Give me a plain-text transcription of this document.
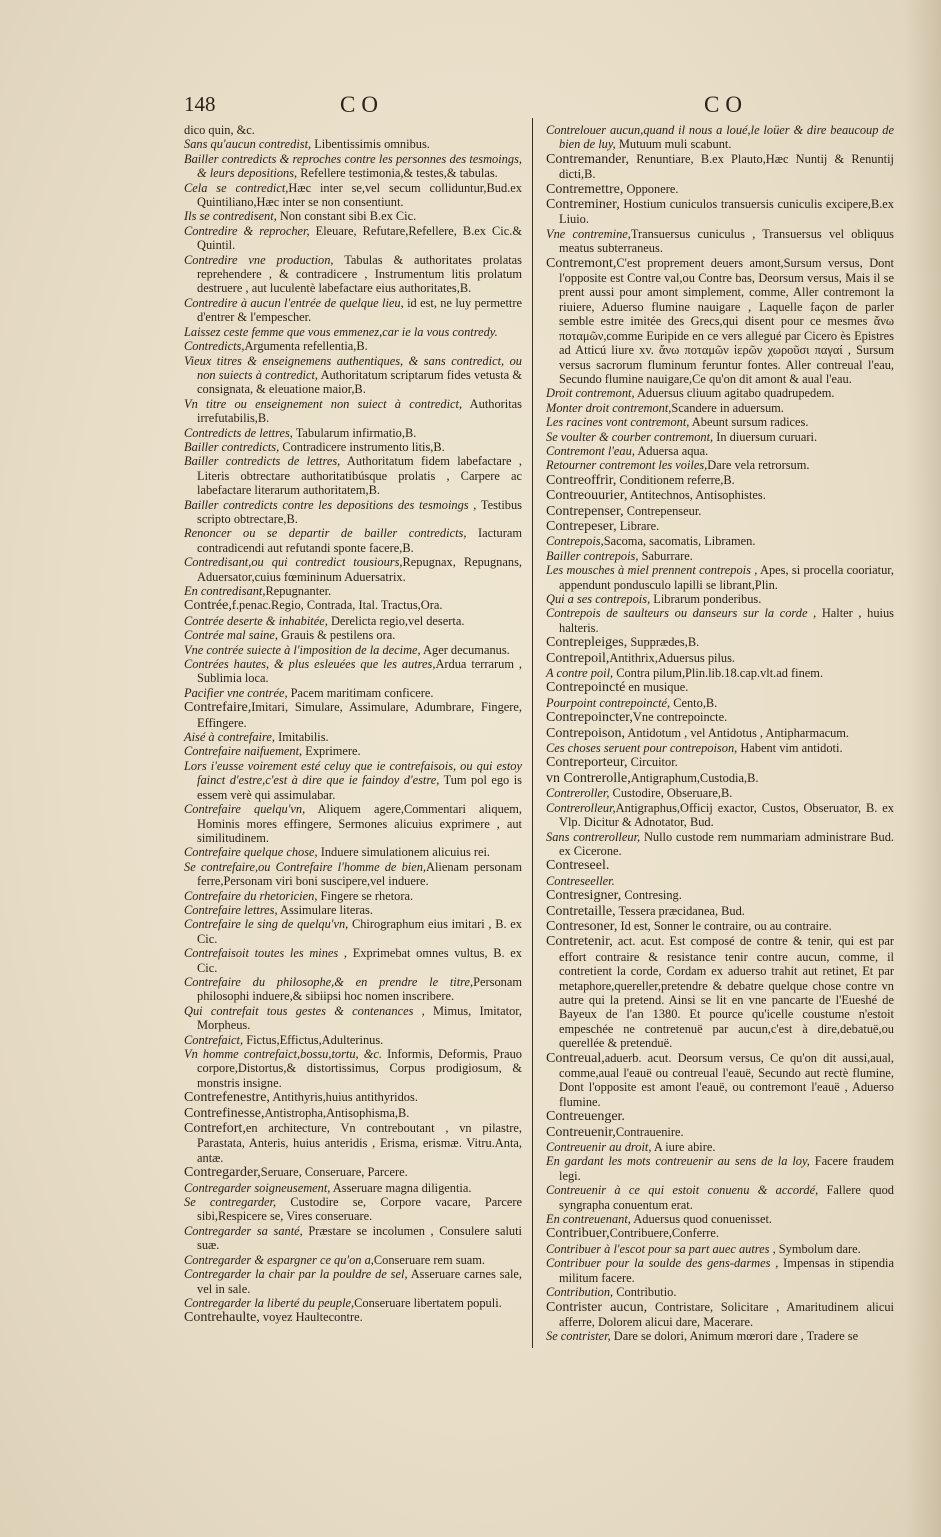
148	CO	CO

dico quin, &c.

Sans qu'aucun contredist, Libentissimis omnibus.

Bailler contredicts & reproches contre les personnes des tesmoings, & leurs depositions, Refellere testimonia,& testes,& tabulas.

Cela se contredict,Hæc inter se,vel secum colliduntur,Bud.ex Quintiliano,Hæc inter se non consentiunt.

Ils se contredisent, Non constant sibi B.ex Cic.

Contredire & reprocher, Eleuare, Refutare,Refellere, B.ex Cic.& Quintil.

Contredire vne production, Tabulas & authoritates prolatas reprehendere , & contradicere , Instrumentum litis prolatum destruere , aut luculentè labefactare eius authoritates,B.

Contredire à aucun l'entrée de quelque lieu, id est, ne luy permettre d'entrer & l'empescher.

Laissez ceste femme que vous emmenez,car ie la vous contredy.

Contredicts,Argumenta refellentia,B.

Vieux titres & enseignemens authentiques, & sans contredict, ou non suiects à contredict, Authoritatum scriptarum fides vetusta & consignata, & eleuatione maior,B.

Vn titre ou enseignement non suiect à contredict, Authoritas irrefutabilis,B.

Contredicts de lettres, Tabularum infirmatio,B.

Bailler contredicts, Contradicere instrumento litis,B.

Bailler contredicts de lettres, Authoritatum fidem labefactare , Literis obtrectare authoritatibúsque prolatis , Carpere ac labefactare literarum authoritatem,B.

Bailler contredicts contre les depositions des tesmoings , Testibus scripto obtrectare,B.

Renoncer ou se departir de bailler contredicts, Iacturam contradicendi aut refutandi sponte facere,B.

Contredisant,ou qui contredict tousiours,Repugnax, Repugnans, Aduersator,cuius fœmininum Aduersatrix.

En contredisant,Repugnanter.

Contrée,f.penac.Regio, Contrada, Ital. Tractus,Ora.

Contrée deserte & inhabitée, Derelicta regio,vel deserta.

Contrée mal saine, Grauis & pestilens ora.

Vne contrée suiecte à l'imposition de la decime, Ager decumanus.

Contrées hautes, & plus esleuées que les autres,Ardua terrarum , Sublimia loca.

Pacifier vne contrée, Pacem maritimam conficere.

Contrefaire,Imitari, Simulare, Assimulare, Adumbrare, Fingere, Effingere.

Aisé à contrefaire, Imitabilis.

Contrefaire naifuement, Exprimere.

Lors i'eusse voirement esté celuy que ie contrefaisois, ou qui estoy fainct d'estre,c'est à dire que ie faindoy d'estre, Tum pol ego is essem verè qui assimulabar.

Contrefaire quelqu'vn, Aliquem agere,Commentari aliquem, Hominis mores effingere, Sermones alicuius exprimere , aut similitudinem.

Contrefaire quelque chose, Induere simulationem alicuius rei.

Se contrefaire,ou Contrefaire l'homme de bien,Alienam personam ferre,Personam viri boni suscipere,vel induere.

Contrefaire du rhetoricien, Fingere se rhetora.

Contrefaire lettres, Assimulare literas.

Contrefaire le sing de quelqu'vn, Chirographum eius imitari , B. ex Cic.

Contrefaisoit toutes les mines , Exprimebat omnes vultus, B. ex Cic.

Contrefaire du philosophe,& en prendre le titre,Personam philosophi induere,& sibiipsi hoc nomen inscribere.

Qui contrefait tous gestes & contenances , Mimus, Imitator, Morpheus.

Contrefaict, Fictus,Effictus,Adulterinus.

Vn homme contrefaict,bossu,tortu, &c. Informis, Deformis, Prauo corpore,Distortus,& distortissimus, Corpus prodigiosum, & monstris insigne.

Contrefenestre, Antithyris,huius antithyridos.

Contrefinesse,Antistropha,Antisophisma,B.

Contrefort,en architecture, Vn contreboutant , vn pilastre, Parastata, Anteris, huius anteridis , Erisma, erismæ. Vitru.Anta, antæ.

Contregarder,Seruare, Conseruare, Parcere.

Contregarder soigneusement, Asseruare magna diligentia.

Se contregarder, Custodire se, Corpore vacare, Parcere sibi,Respicere se, Vires conseruare.

Contregarder sa santé, Præstare se incolumen , Consulere saluti suæ.

Contregarder & espargner ce qu'on a,Conseruare rem suam.

Contregarder la chair par la pouldre de sel, Asseruare carnes sale, vel in sale.

Contregarder la liberté du peuple,Conseruare libertatem populi.

Contrehaulte, voyez Haultecontre.

Contrelouer aucun,quand il nous a loué,le loüer & dire beaucoup de bien de luy, Mutuum muli scabunt.

Contremander, Renuntiare, B.ex Plauto,Hæc Nuntij & Renuntij dicti,B.

Contremettre, Opponere.

Contreminer, Hostium cuniculos transuersis cuniculis excipere,B.ex Liuio.

Vne contremine,Transuersus cuniculus , Transuersus vel obliquus meatus subterraneus.

Contremont,C'est proprement deuers amont,Sursum versus, Dont l'opposite est Contre val,ou Contre bas, Deorsum versus, Mais il se prent aussi pour amont simplement, comme, Aller contremont la riuiere, Aduerso flumine nauigare , Laquelle façon de parler semble estre imitée des Grecs,qui disent pour ce mesmes ἄνω ποταμῶν,comme Euripide en ce vers allegué par Cicero ès Epistres ad Atticú liure xv. ἄνω ποταμῶν ἱερῶν χωροῦσι παγαί , Sursum versus sacrorum fluminum feruntur fontes. Aller contreual l'eau, Secundo flumine nauigare,Ce qu'on dit amont & aual l'eau.

Droit contremont, Aduersus cliuum agitabo quadrupedem.

Monter droit contremont,Scandere in aduersum.

Les racines vont contremont, Abeunt sursum radices.

Se voulter & courber contremont, In diuersum curuari.

Contremont l'eau, Aduersa aqua.

Retourner contremont les voiles,Dare vela retrorsum.

Contreoffrir, Conditionem referre,B.

Contreouurier, Antitechnos, Antisophistes.

Contrepenser, Contrepenseur.

Contrepeser, Librare.

Contrepois,Sacoma, sacomatis, Libramen.

Bailler contrepois, Saburrare.

Les mousches à miel prennent contrepois , Apes, si procella cooriatur, appendunt pondusculo lapilli se librant,Plin.

Qui a ses contrepois, Librarum ponderibus.

Contrepois de saulteurs ou danseurs sur la corde , Halter , huius halteris.

Contrepleiges, Supprædes,B.

Contrepoil,Antithrix,Aduersus pilus.

A contre poil, Contra pilum,Plin.lib.18.cap.vlt.ad finem.

Contrepoincté en musique.

Pourpoint contrepoincté, Cento,B.

Contrepoincter,Vne contrepoincte.

Contrepoison, Antidotum , vel Antidotus , Antipharmacum.

Ces choses seruent pour contrepoison, Habent vim antidoti.

Contreporteur, Circuitor.

vn Contrerolle,Antigraphum,Custodia,B.

Contreroller, Custodire, Obseruare,B.

Contrerolleur,Antigraphus,Officij exactor, Custos, Obseruator, B. ex Vlp. Dicitur & Adnotator, Bud.

Sans contrerolleur, Nullo custode rem nummariam administrare Bud. ex Cicerone.

Contreseel.

Contreseeller.

Contresigner, Contresing.

Contretaille, Tessera præcidanea, Bud.

Contresoner, Id est, Sonner le contraire, ou au contraire.

Contretenir, act. acut. Est composé de contre & tenir, qui est par effort contraire & resistance tenir contre aucun, comme, il contretient la corde, Cordam ex aduerso trahit aut retinet, Et par metaphore,quereller,pretendre & debatre quelque chose contre vn autre qui la pretend. Ainsi se lit en vne pancarte de l'Eueshé de Bayeux de l'an 1380. Et pource qu'icelle coustume n'estoit empeschée ne contretenuë par aucun,c'est à dire,debatuë,ou querellée & pretenduë.

Contreual,aduerb. acut. Deorsum versus, Ce qu'on dit aussi,aual, comme,aual l'eauë ou contreual l'eauë, Secundo aut rectè flumine, Dont l'opposite est amont l'eauë, ou contremont l'eauë , Aduerso flumine.

Contreuenger.

Contreuenir,Contrauenire.

Contreuenir au droit, A iure abire.

En gardant les mots contreuenir au sens de la loy, Facere fraudem legi.

Contreuenir à ce qui estoit conuenu & accordé, Fallere quod syngrapha conuentum erat.

En contreuenant, Aduersus quod conuenisset.

Contribuer,Contribuere,Conferre.

Contribuer à l'escot pour sa part auec autres , Symbolum dare.

Contribuer pour la soulde des gens-darmes , Impensas in stipendia militum facere.

Contribution, Contributio.

Contrister aucun, Contristare, Solicitare , Amaritudinem alicui afferre, Dolorem alicui dare, Macerare.

Se contrister, Dare se dolori, Animum mœrori dare , Tradere se
